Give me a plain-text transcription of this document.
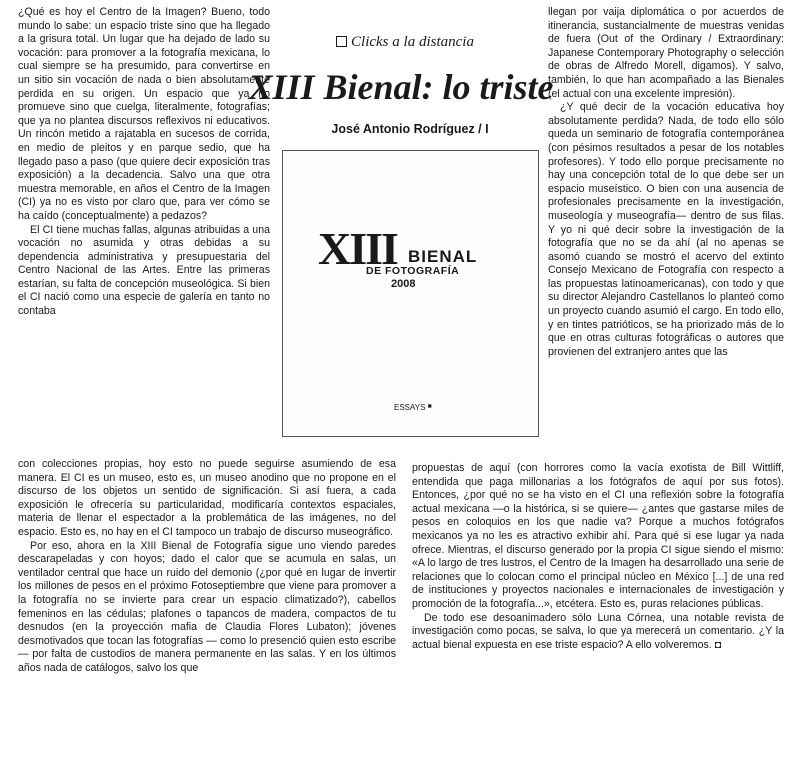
¿Qué es hoy el Centro de la Imagen? Bueno, todo mundo lo sabe: un espacio triste sino que ha llegado a la grisura total. Un lugar que ha dejado de lado su vocación: para promover a la fotografía mexicana, lo cual siempre se ha presumido, para convertirse en un sitio sin vocación de nada o bien absolutamente perdida en su origen. Un espacio que ya no promueve sino que cuelga, literalmente, fotografías; que ya no plantea discursos reflexivos ni educativos. Un rincón metido a rajatabla en sucesos de corrida, en medio de pleitos y en parque sedio, que ha llegado paso a paso (que quiere decir exposición tras exposición) a la decadencia. Salvo una que otra muestra memorable, en años el Centro de la Imagen (CI) ya no es visto por claro que, para ver cómo se ha caído (conceptualmente) a pedazos?

El CI tiene muchas fallas, algunas atribuidas a una vocación no asumida y otras debidas a su dependencia administrativa y presupuestaria del Centro Nacional de las Artes. Entre las primeras estarían, su falta de concepción museológica. Si bien el CI nació como una especie de galería en tanto no contaba

Clicks a la distancia

XIII Bienal: lo triste

José Antonio Rodríguez / I

XIII BIENAL

DE FOTOGRAFÍA

2008

ESSAYS ▪

llegan por vaija diplomática o por acuerdos de itinerancia, sustancialmente de muestras venidas de fuera (Out of the Ordinary / Extraordinary: Japanese Contemporary Photography o selección de obras de Alfredo Morell, digamos). Y salvo, también, lo que han acompañado a las Bienales (el actual con una excelente impresión).

¿Y qué decir de la vocación educativa hoy absolutamente perdida? Nada, de todo ello sólo queda un seminario de fotografía contemporánea (con pésimos resultados a pesar de los notables profesores). Y todo ello porque precisamente no hay una concepción total de lo que debe ser un espacio museístico. O bien con una ausencia de profesionales precisamente en la investigación, museología y museografía— dentro de sus filas. Y yo ni qué decir sobre la investigación de la fotografía que no se da ahí (al no apenas se asomó cuando se mostró el acervo del extinto Consejo Mexicano de Fotografía con respecto a las propuestas latinoamericanas), con todo y que su director Alejandro Castellanos lo planteó como un proyecto cuando asumió el cargo. En todo ello, y en tintes patrióticos, se ha priorizado más de lo que en otras culturas fotográficas o autores que provienen del extranjero antes que las

con colecciones propias, hoy esto no puede seguirse asumiendo de esa manera. El CI es un museo, esto es, un museo anodino que no propone en el discurso de los objetos un sentido de significación. Si así fuera, a cada exposición le ofrecería su particularidad, modificaría contextos espaciales, materia de llenar el espectador a la problemática de las imágenes, no del espacio. Esto es, no hay en el CI tampoco un trabajo de discurso museográfico.

Por eso, ahora en la XIII Bienal de Fotografía sigue uno viendo paredes descarapeladas y con hoyos; dado el calor que se acumula en salas, un ventilador central que hace un ruido del demonio (¿por qué en lugar de invertir los millones de pesos en el próximo Fotoseptiembre que viene para promover a la fotografía no se invierte para crear un espacio climatizado?), cabellos femeninos en las cédulas; plafones o tapancos de madera, compactos de tu desnudos (en la proyección mafia de Claudia Flores Lubaton); jóvenes desmotivados que tocan las fotografías — como lo presenció quien esto escribe — por falta de custodios de manera permanente en las salas. Y en los últimos años nada de catálogos, salvo los que

propuestas de aquí (con horrores como la vacía exotista de Bill Wittliff, entendida que paga millonarias a los fotógrafos de aquí por sus fotos). Entonces, ¿por qué no se ha visto en el CI una reflexión sobre la fotografía actual mexicana —o la histórica, si se quiere— ¿antes que gastarse miles de pesos en coloquios en los que nadie va? Porque a muchos fotógrafos mexicanos ya no les es atractivo exhibir ahí. Para qué si ese lugar ya nada ofrece. Mientras, el discurso generado por la propia CI sigue siendo el mismo: «A lo largo de tres lustros, el Centro de la Imagen ha desarrollado una serie de relaciones que lo colocan como el principal núcleo en México [...] de una red de instituciones y proyectos nacionales e internacionales de investigación y promoción de la fotografía...», etcétera. Esto es, puras relaciones públicas.

De todo ese desoanimadero sólo Luna Córnea, una notable revista de investigación como pocas, se salva, lo que ya merecerá un comentario. ¿Y la actual bienal expuesta en ese triste espacio? A ello volveremos. ◘
